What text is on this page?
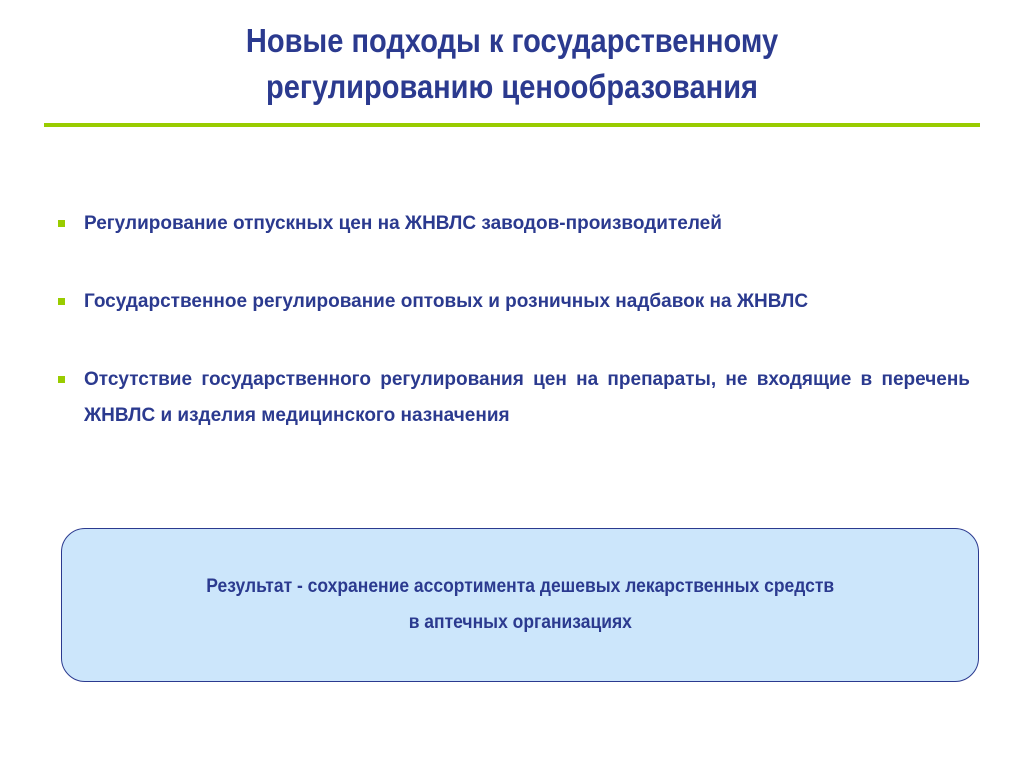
Новые подходы к государственному
регулированию ценообразования
Регулирование отпускных цен на ЖНВЛС заводов-производителей
Государственное регулирование оптовых и розничных надбавок на ЖНВЛС
Отсутствие государственного регулирования цен на препараты, не входящие в перечень ЖНВЛС и изделия медицинского назначения
Результат - сохранение ассортимента дешевых лекарственных средств
в аптечных организациях
